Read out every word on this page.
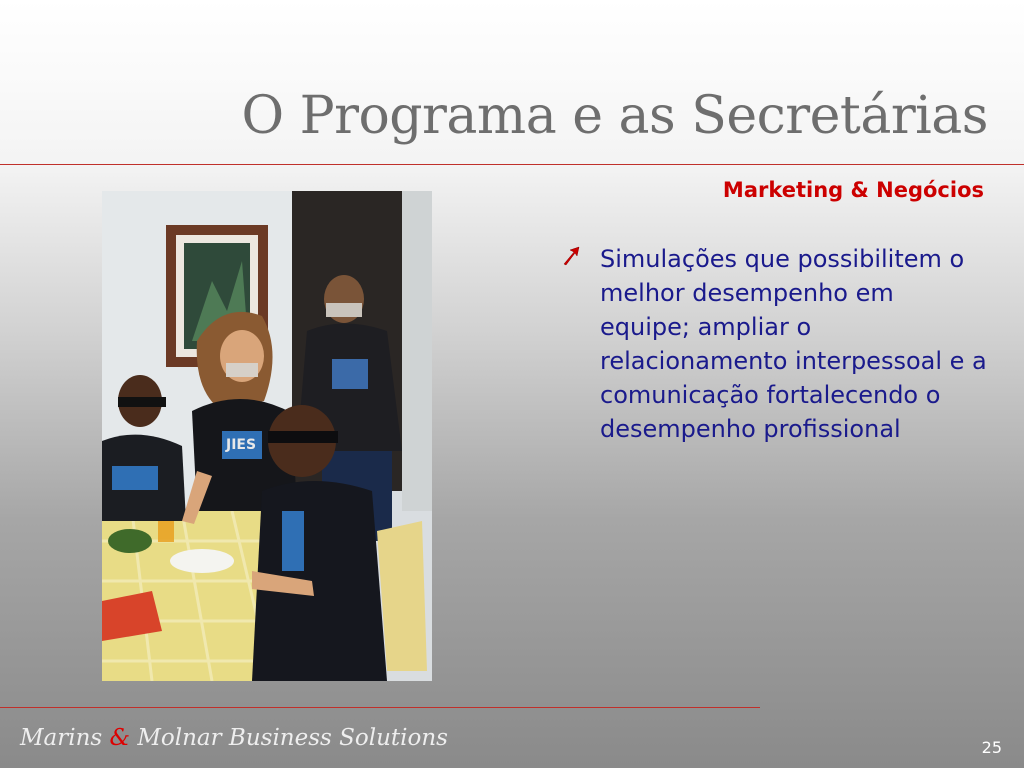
O Programa e as Secretárias
Marketing & Negócios
JIES
Simulações que possibilitem o melhor desempenho em equipe; ampliar o relacionamento interpessoal e a comunicação fortalecendo o desempenho profissional
Marins & Molnar Business Solutions	25
